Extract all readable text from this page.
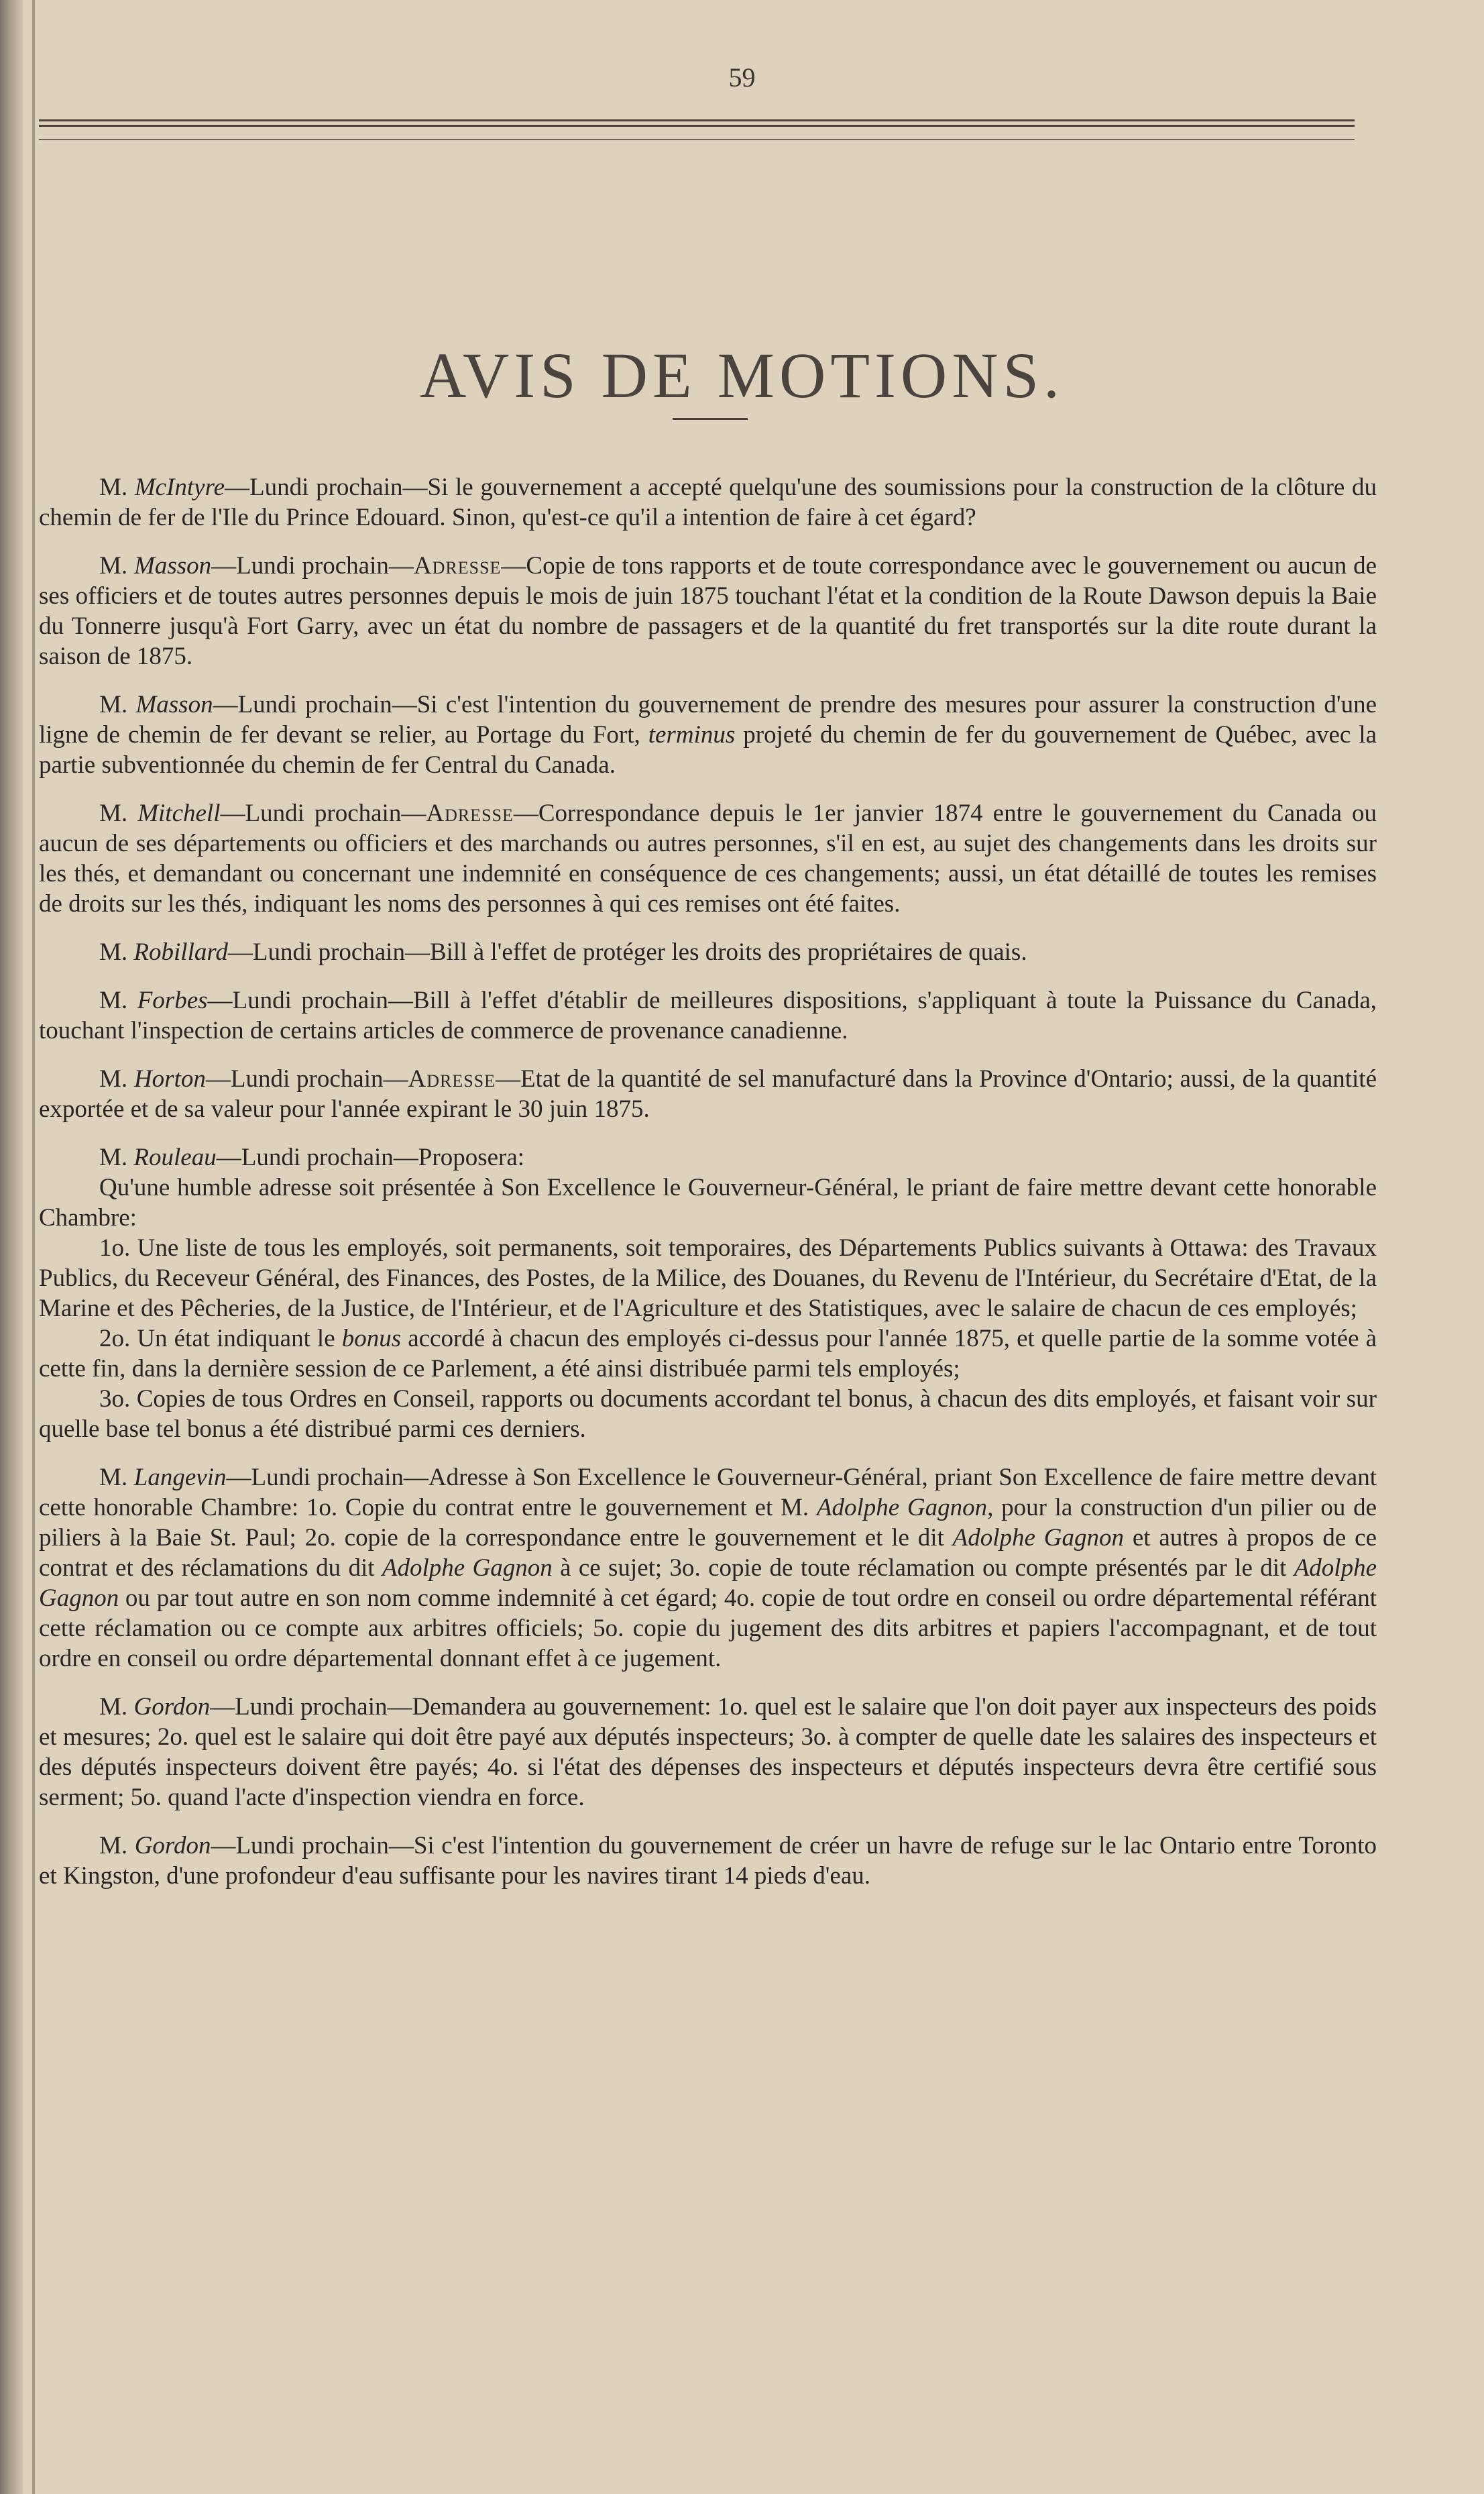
59
AVIS DE MOTIONS.

M. McIntyre—Lundi prochain—Si le gouvernement a accepté quelqu'une des soumissions pour la construction de la clôture du chemin de fer de l'Ile du Prince Edouard. Sinon, qu'est-ce qu'il a intention de faire à cet égard?

M. Masson—Lundi prochain—Adresse—Copie de tons rapports et de toute correspondance avec le gouvernement ou aucun de ses officiers et de toutes autres personnes depuis le mois de juin 1875 touchant l'état et la condition de la Route Dawson depuis la Baie du Tonnerre jusqu'à Fort Garry, avec un état du nombre de passagers et de la quantité du fret transportés sur la dite route durant la saison de 1875.

M. Masson—Lundi prochain—Si c'est l'intention du gouvernement de prendre des mesures pour assurer la construction d'une ligne de chemin de fer devant se relier, au Portage du Fort, terminus projeté du chemin de fer du gouvernement de Québec, avec la partie subventionnée du chemin de fer Central du Canada.

M. Mitchell—Lundi prochain—Adresse—Correspondance depuis le 1er janvier 1874 entre le gouvernement du Canada ou aucun de ses départements ou officiers et des marchands ou autres personnes, s'il en est, au sujet des changements dans les droits sur les thés, et demandant ou concernant une indemnité en conséquence de ces changements; aussi, un état détaillé de toutes les remises de droits sur les thés, indiquant les noms des personnes à qui ces remises ont été faites.

M. Robillard—Lundi prochain—Bill à l'effet de protéger les droits des propriétaires de quais.

M. Forbes—Lundi prochain—Bill à l'effet d'établir de meilleures dispositions, s'appliquant à toute la Puissance du Canada, touchant l'inspection de certains articles de commerce de provenance canadienne.

M. Horton—Lundi prochain—Adresse—Etat de la quantité de sel manufacturé dans la Province d'Ontario; aussi, de la quantité exportée et de sa valeur pour l'année expirant le 30 juin 1875.

M. Rouleau—Lundi prochain—Proposera:

Qu'une humble adresse soit présentée à Son Excellence le Gouverneur-Général, le priant de faire mettre devant cette honorable Chambre:

1o. Une liste de tous les employés, soit permanents, soit temporaires, des Départements Publics suivants à Ottawa: des Travaux Publics, du Receveur Général, des Finances, des Postes, de la Milice, des Douanes, du Revenu de l'Intérieur, du Secrétaire d'Etat, de la Marine et des Pêcheries, de la Justice, de l'Intérieur, et de l'Agriculture et des Statistiques, avec le salaire de chacun de ces employés;

2o. Un état indiquant le bonus accordé à chacun des employés ci-dessus pour l'année 1875, et quelle partie de la somme votée à cette fin, dans la dernière session de ce Parlement, a été ainsi distribuée parmi tels employés;

3o. Copies de tous Ordres en Conseil, rapports ou documents accordant tel bonus, à chacun des dits employés, et faisant voir sur quelle base tel bonus a été distribué parmi ces derniers.

M. Langevin—Lundi prochain—Adresse à Son Excellence le Gouverneur-Général, priant Son Excellence de faire mettre devant cette honorable Chambre: 1o. Copie du contrat entre le gouvernement et M. Adolphe Gagnon, pour la construction d'un pilier ou de piliers à la Baie St. Paul; 2o. copie de la correspondance entre le gouvernement et le dit Adolphe Gagnon et autres à propos de ce contrat et des réclamations du dit Adolphe Gagnon à ce sujet; 3o. copie de toute réclamation ou compte présentés par le dit Adolphe Gagnon ou par tout autre en son nom comme indemnité à cet égard; 4o. copie de tout ordre en conseil ou ordre départemental référant cette réclamation ou ce compte aux arbitres officiels; 5o. copie du jugement des dits arbitres et papiers l'accompagnant, et de tout ordre en conseil ou ordre départemental donnant effet à ce jugement.

M. Gordon—Lundi prochain—Demandera au gouvernement: 1o. quel est le salaire que l'on doit payer aux inspecteurs des poids et mesures; 2o. quel est le salaire qui doit être payé aux députés inspecteurs; 3o. à compter de quelle date les salaires des inspecteurs et des députés inspecteurs doivent être payés; 4o. si l'état des dépenses des inspecteurs et députés inspecteurs devra être certifié sous serment; 5o. quand l'acte d'inspection viendra en force.

M. Gordon—Lundi prochain—Si c'est l'intention du gouvernement de créer un havre de refuge sur le lac Ontario entre Toronto et Kingston, d'une profondeur d'eau suffisante pour les navires tirant 14 pieds d'eau.
